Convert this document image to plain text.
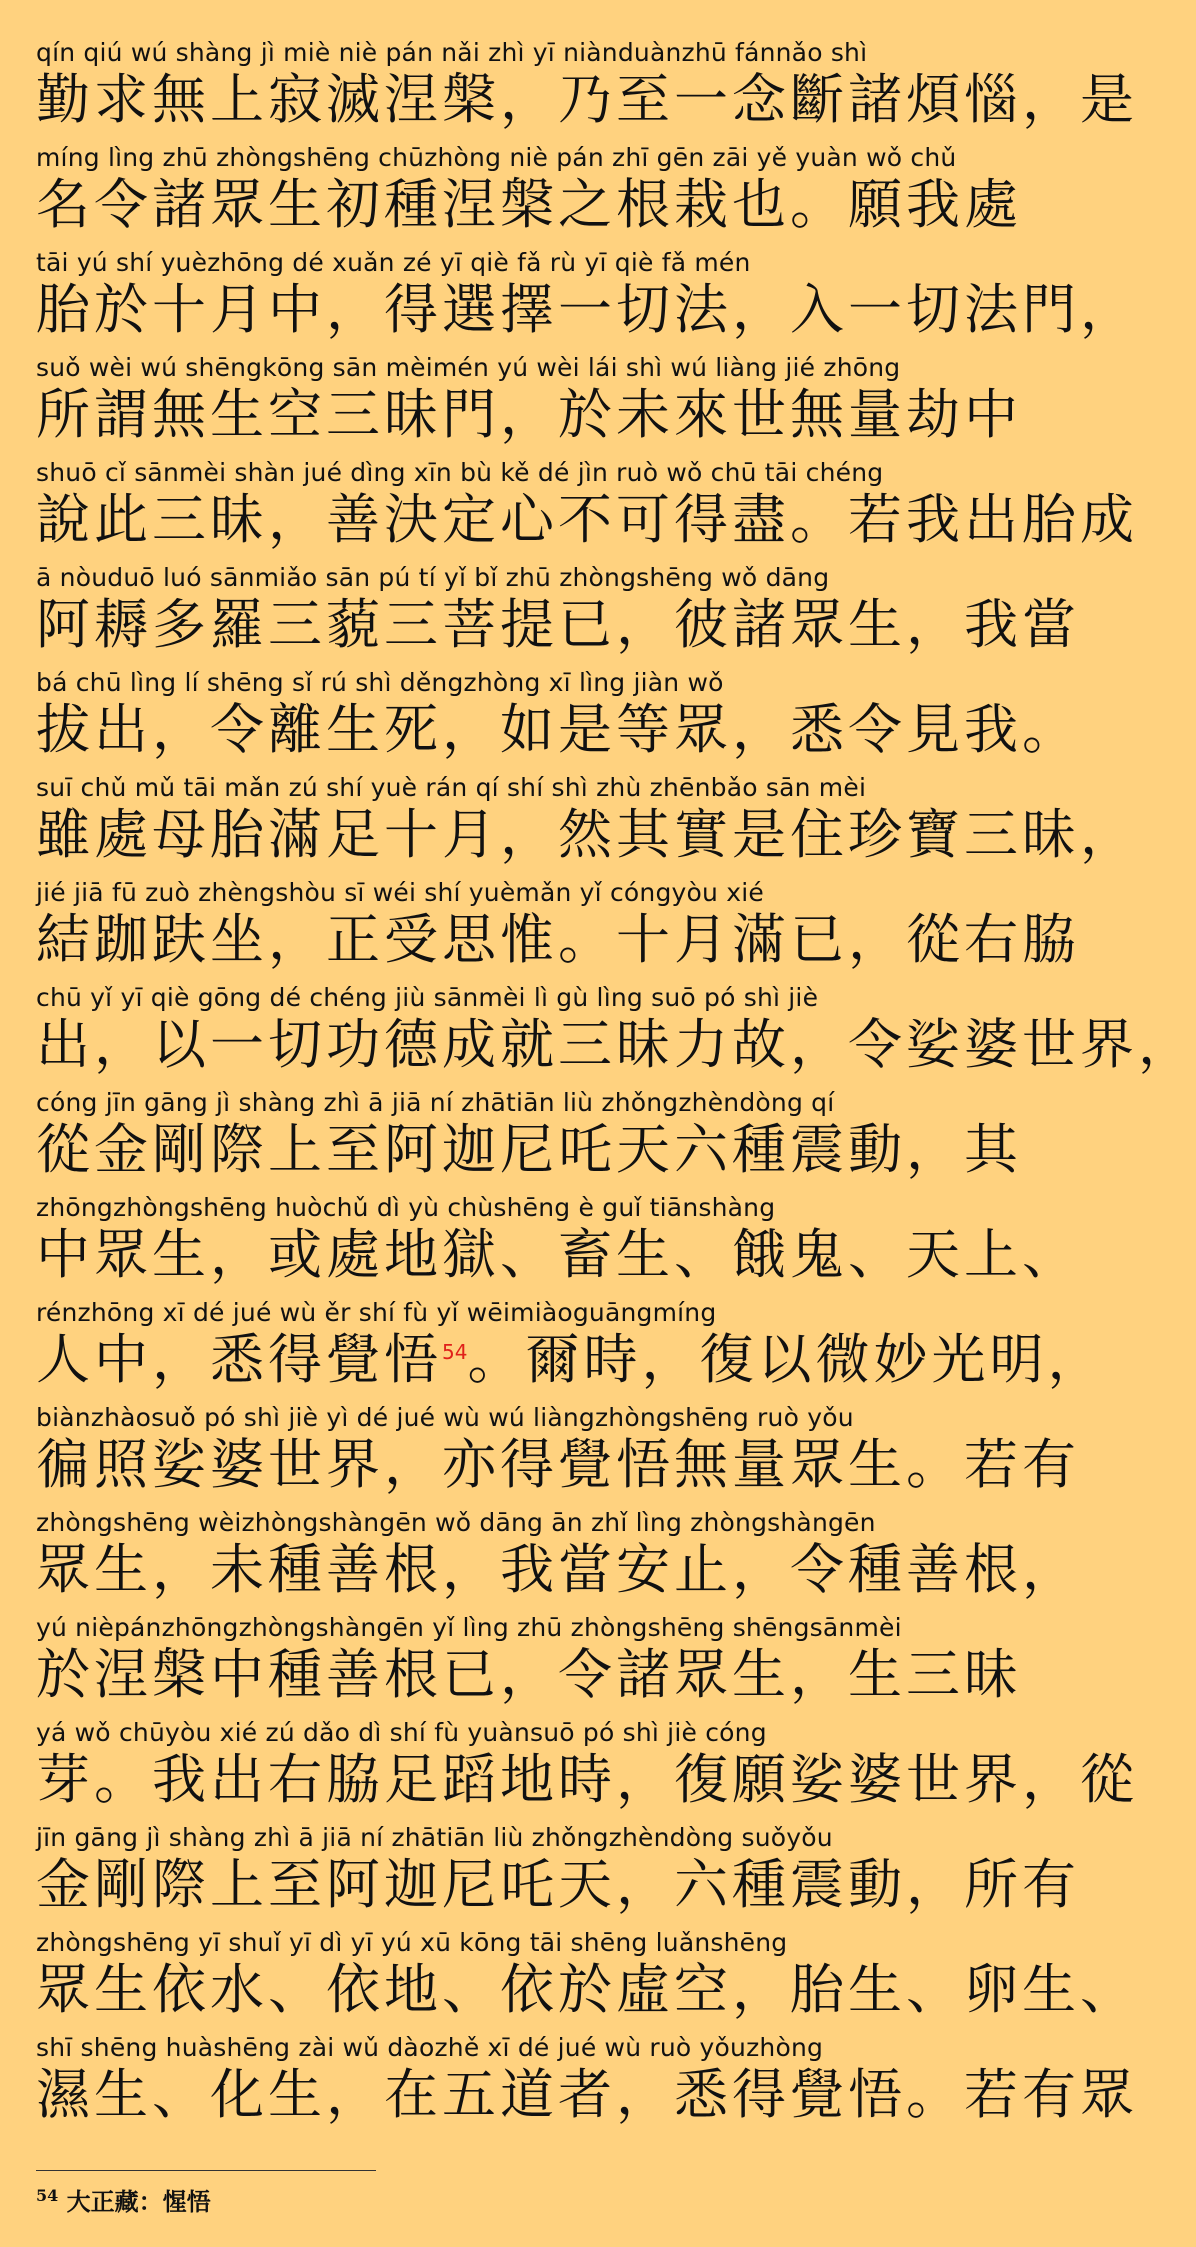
qín qiú wú shàng jì miè niè pán nǎi zhì yī niànduànzhū fánnǎo shì
勤求無上寂滅涅槃，乃至一念斷諸煩惱，是
míng lìng zhū zhòngshēng chūzhòng niè pán zhī gēn zāi yě yuàn wǒ chǔ
名令諸眾生初種涅槃之根栽也。願我處
tāi yú shí yuèzhōng dé xuǎn zé yī qiè fǎ rù yī qiè fǎ mén
胎於十月中，得選擇一切法，入一切法門，
suǒ wèi wú shēngkōng sān mèimén yú wèi lái shì wú liàng jié zhōng
所謂無生空三昧門，於未來世無量劫中
shuō cǐ sānmèi shàn jué dìng xīn bù kě dé jìn ruò wǒ chū tāi chéng
說此三昧，善決定心不可得盡。若我出胎成
ā nòuduō luó sānmiǎo sān pú tí yǐ bǐ zhū zhòngshēng wǒ dāng
阿耨多羅三藐三菩提已，彼諸眾生，我當
bá chū lìng lí shēng sǐ rú shì děngzhòng xī lìng jiàn wǒ
拔出，令離生死，如是等眾，悉令見我。
suī chǔ mǔ tāi mǎn zú shí yuè rán qí shí shì zhù zhēnbǎo sān mèi
雖處母胎滿足十月，然其實是住珍寶三昧，
jié jiā fū zuò zhèngshòu sī wéi shí yuèmǎn yǐ cóngyòu xié
結跏趺坐，正受思惟。十月滿已，從右脇
chū yǐ yī qiè gōng dé chéng jiù sānmèi lì gù lìng suō pó shì jiè
出，以一切功德成就三昧力故，令娑婆世界，
cóng jīn gāng jì shàng zhì ā jiā ní zhātiān liù zhǒngzhèndòng qí
從金剛際上至阿迦尼吒天六種震動，其
zhōngzhòngshēng huòchǔ dì yù chùshēng è guǐ tiānshàng
中眾生，或處地獄、畜生、餓鬼、天上、
rénzhōng xī dé jué wù ěr shí fù yǐ wēimiàoguāngmíng
人中，悉得覺悟$^{54}$。爾時，復以微妙光明，
biànzhàosuǒ pó shì jiè yì dé jué wù wú liàngzhòngshēng ruò yǒu
徧照娑婆世界，亦得覺悟無量眾生。若有
zhòngshēng wèizhòngshàngēn wǒ dāng ān zhǐ lìng zhòngshàngēn
眾生，未種善根，我當安止，令種善根，
yú nièpánzhōngzhòngshàngēn yǐ lìng zhū zhòngshēng shēngsānmèi
於涅槃中種善根已，令諸眾生，生三昧
yá wǒ chūyòu xié zú dǎo dì shí fù yuànsuō pó shì jiè cóng
芽。我出右脇足蹈地時，復願娑婆世界，從
jīn gāng jì shàng zhì ā jiā ní zhātiān liù zhǒngzhèndòng suǒyǒu
金剛際上至阿迦尼吒天，六種震動，所有
zhòngshēng yī shuǐ yī dì yī yú xū kōng tāi shēng luǎnshēng
眾生依水、依地、依於虛空，胎生、卵生、
shī shēng huàshēng zài wǔ dàozhě xī dé jué wù ruò yǒuzhòng
濕生、化生，在五道者，悉得覺悟。若有眾
$^{54}$ 大正藏：惺悟
